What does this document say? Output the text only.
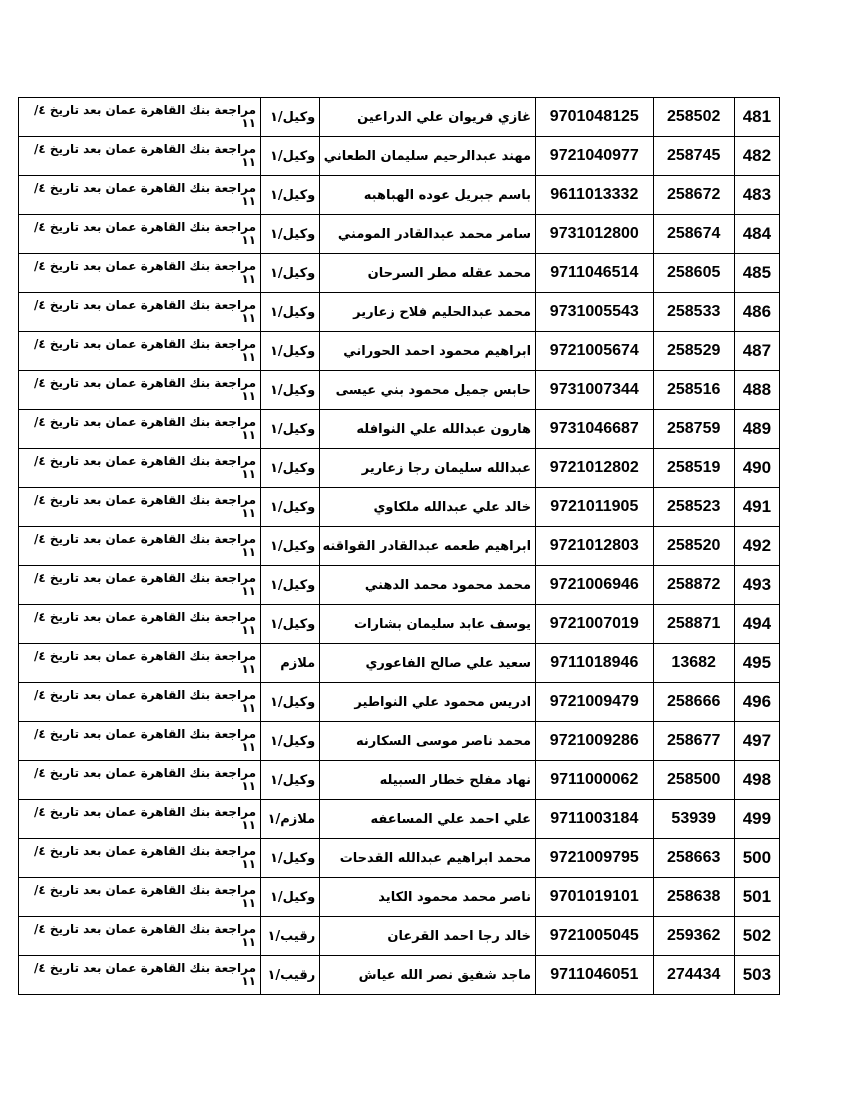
481	258502	9701048125	غازي فريوان علي الدراعين	وكيل/١	مراجعة بنك القاهرة عمان بعد تاريخ ٤/
١١

482	258745	9721040977	مهند عبدالرحيم سليمان الطعاني	وكيل/١	مراجعة بنك القاهرة عمان بعد تاريخ ٤/
١١

483	258672	9611013332	باسم جبريل عوده الهباهبه	وكيل/١	مراجعة بنك القاهرة عمان بعد تاريخ ٤/
١١

484	258674	9731012800	سامر محمد عبدالقادر المومني	وكيل/١	مراجعة بنك القاهرة عمان بعد تاريخ ٤/
١١

485	258605	9711046514	محمد عقله مطر السرحان	وكيل/١	مراجعة بنك القاهرة عمان بعد تاريخ ٤/
١١

486	258533	9731005543	محمد عبدالحليم فلاح زعارير	وكيل/١	مراجعة بنك القاهرة عمان بعد تاريخ ٤/
١١

487	258529	9721005674	ابراهيم محمود احمد الحوراني	وكيل/١	مراجعة بنك القاهرة عمان بعد تاريخ ٤/
١١

488	258516	9731007344	حابس جميل محمود بني عيسى	وكيل/١	مراجعة بنك القاهرة عمان بعد تاريخ ٤/
١١

489	258759	9731046687	هارون عبدالله علي النوافله	وكيل/١	مراجعة بنك القاهرة عمان بعد تاريخ ٤/
١١

490	258519	9721012802	عبدالله سليمان رجا زعارير	وكيل/١	مراجعة بنك القاهرة عمان بعد تاريخ ٤/
١١

491	258523	9721011905	خالد علي عبدالله ملكاوي	وكيل/١	مراجعة بنك القاهرة عمان بعد تاريخ ٤/
١١

492	258520	9721012803	ابراهيم طعمه عبدالقادر القواقنه	وكيل/١	مراجعة بنك القاهرة عمان بعد تاريخ ٤/
١١

493	258872	9721006946	محمد محمود محمد الدهني	وكيل/١	مراجعة بنك القاهرة عمان بعد تاريخ ٤/
١١

494	258871	9721007019	يوسف عابد سليمان بشارات	وكيل/١	مراجعة بنك القاهرة عمان بعد تاريخ ٤/
١١

495	13682	9711018946	سعيد علي صالح الفاعوري	ملازم	مراجعة بنك القاهرة عمان بعد تاريخ ٤/
١١

496	258666	9721009479	ادريس محمود علي النواطير	وكيل/١	مراجعة بنك القاهرة عمان بعد تاريخ ٤/
١١

497	258677	9721009286	محمد ناصر موسى السكارنه	وكيل/١	مراجعة بنك القاهرة عمان بعد تاريخ ٤/
١١

498	258500	9711000062	نهاد مفلح خطار السبيله	وكيل/١	مراجعة بنك القاهرة عمان بعد تاريخ ٤/
١١

499	53939	9711003184	علي احمد علي المساعفه	ملازم/١	مراجعة بنك القاهرة عمان بعد تاريخ ٤/
١١

500	258663	9721009795	محمد ابراهيم عبدالله القدحات	وكيل/١	مراجعة بنك القاهرة عمان بعد تاريخ ٤/
١١

501	258638	9701019101	ناصر محمد محمود الكايد	وكيل/١	مراجعة بنك القاهرة عمان بعد تاريخ ٤/
١١

502	259362	9721005045	خالد رجا احمد القرعان	رقيب/١	مراجعة بنك القاهرة عمان بعد تاريخ ٤/
١١

503	274434	9711046051	ماجد شفيق نصر الله عياش	رقيب/١	مراجعة بنك القاهرة عمان بعد تاريخ ٤/
١١
